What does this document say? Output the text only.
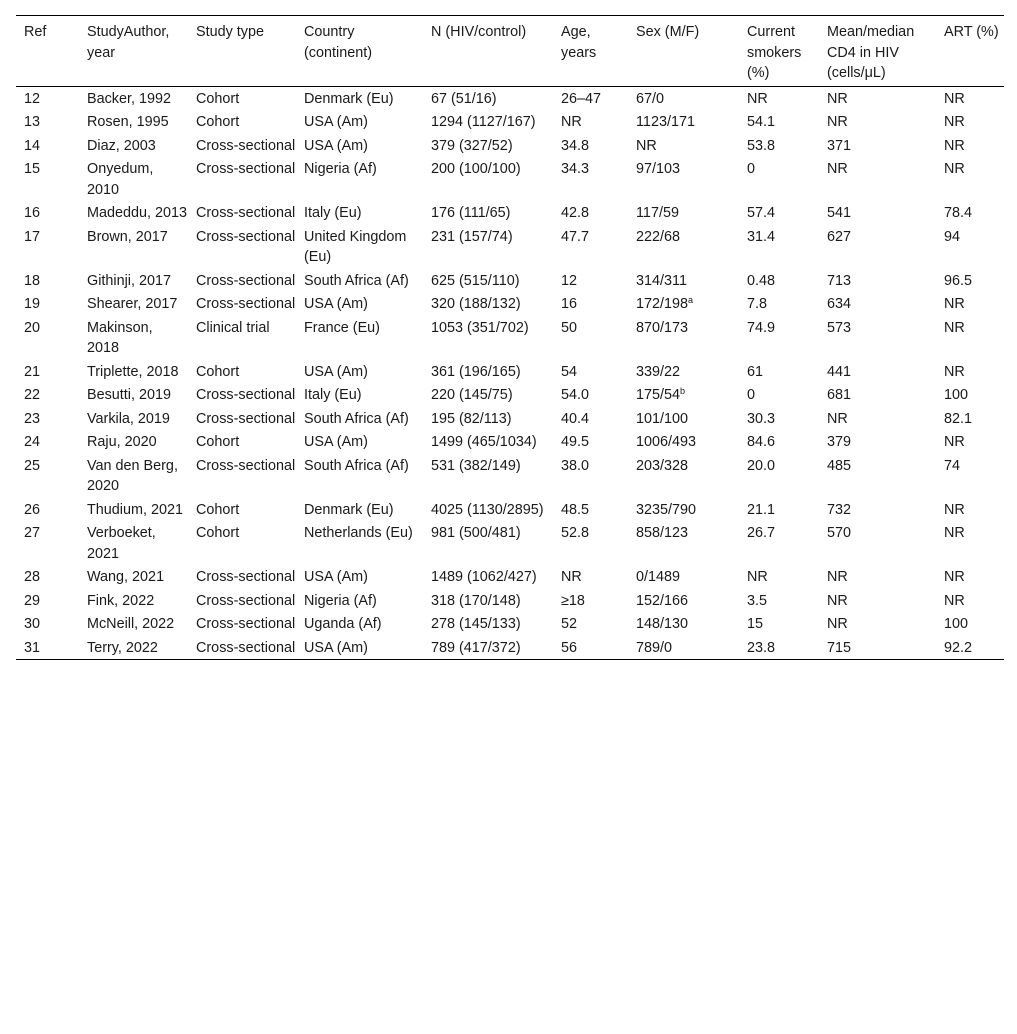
Ref	StudyAuthor, year	Study type	Country (continent)	N (HIV/control)	Age, years	Sex (M/F)	Current smokers (%)	Mean/median CD4 in HIV (cells/μL)	ART (%)
12	Backer, 1992	Cohort	Denmark (Eu)	67 (51/16)	26–47	67/0	NR	NR	NR
13	Rosen, 1995	Cohort	USA (Am)	1294 (1127/167)	NR	1123/171	54.1	NR	NR
14	Diaz, 2003	Cross-sectional	USA (Am)	379 (327/52)	34.8	NR	53.8	371	NR
15	Onyedum, 2010	Cross-sectional	Nigeria (Af)	200 (100/100)	34.3	97/103	0	NR	NR
16	Madeddu, 2013	Cross-sectional	Italy (Eu)	176 (111/65)	42.8	117/59	57.4	541	78.4
17	Brown, 2017	Cross-sectional	United Kingdom (Eu)	231 (157/74)	47.7	222/68	31.4	627	94
18	Githinji, 2017	Cross-sectional	South Africa (Af)	625 (515/110)	12	314/311	0.48	713	96.5
19	Shearer, 2017	Cross-sectional	USA (Am)	320 (188/132)	16	172/198$^a$	7.8	634	NR
20	Makinson, 2018	Clinical trial	France (Eu)	1053 (351/702)	50	870/173	74.9	573	NR
21	Triplette, 2018	Cohort	USA (Am)	361 (196/165)	54	339/22	61	441	NR
22	Besutti, 2019	Cross-sectional	Italy (Eu)	220 (145/75)	54.0	175/54$^b$	0	681	100
23	Varkila, 2019	Cross-sectional	South Africa (Af)	195 (82/113)	40.4	101/100	30.3	NR	82.1
24	Raju, 2020	Cohort	USA (Am)	1499 (465/1034)	49.5	1006/493	84.6	379	NR
25	Van den Berg, 2020	Cross-sectional	South Africa (Af)	531 (382/149)	38.0	203/328	20.0	485	74
26	Thudium, 2021	Cohort	Denmark (Eu)	4025 (1130/2895)	48.5	3235/790	21.1	732	NR
27	Verboeket, 2021	Cohort	Netherlands (Eu)	981 (500/481)	52.8	858/123	26.7	570	NR
28	Wang, 2021	Cross-sectional	USA (Am)	1489 (1062/427)	NR	0/1489	NR	NR	NR
29	Fink, 2022	Cross-sectional	Nigeria (Af)	318 (170/148)	≥18	152/166	3.5	NR	NR
30	McNeill, 2022	Cross-sectional	Uganda (Af)	278 (145/133)	52	148/130	15	NR	100
31	Terry, 2022	Cross-sectional	USA (Am)	789 (417/372)	56	789/0	23.8	715	92.2
